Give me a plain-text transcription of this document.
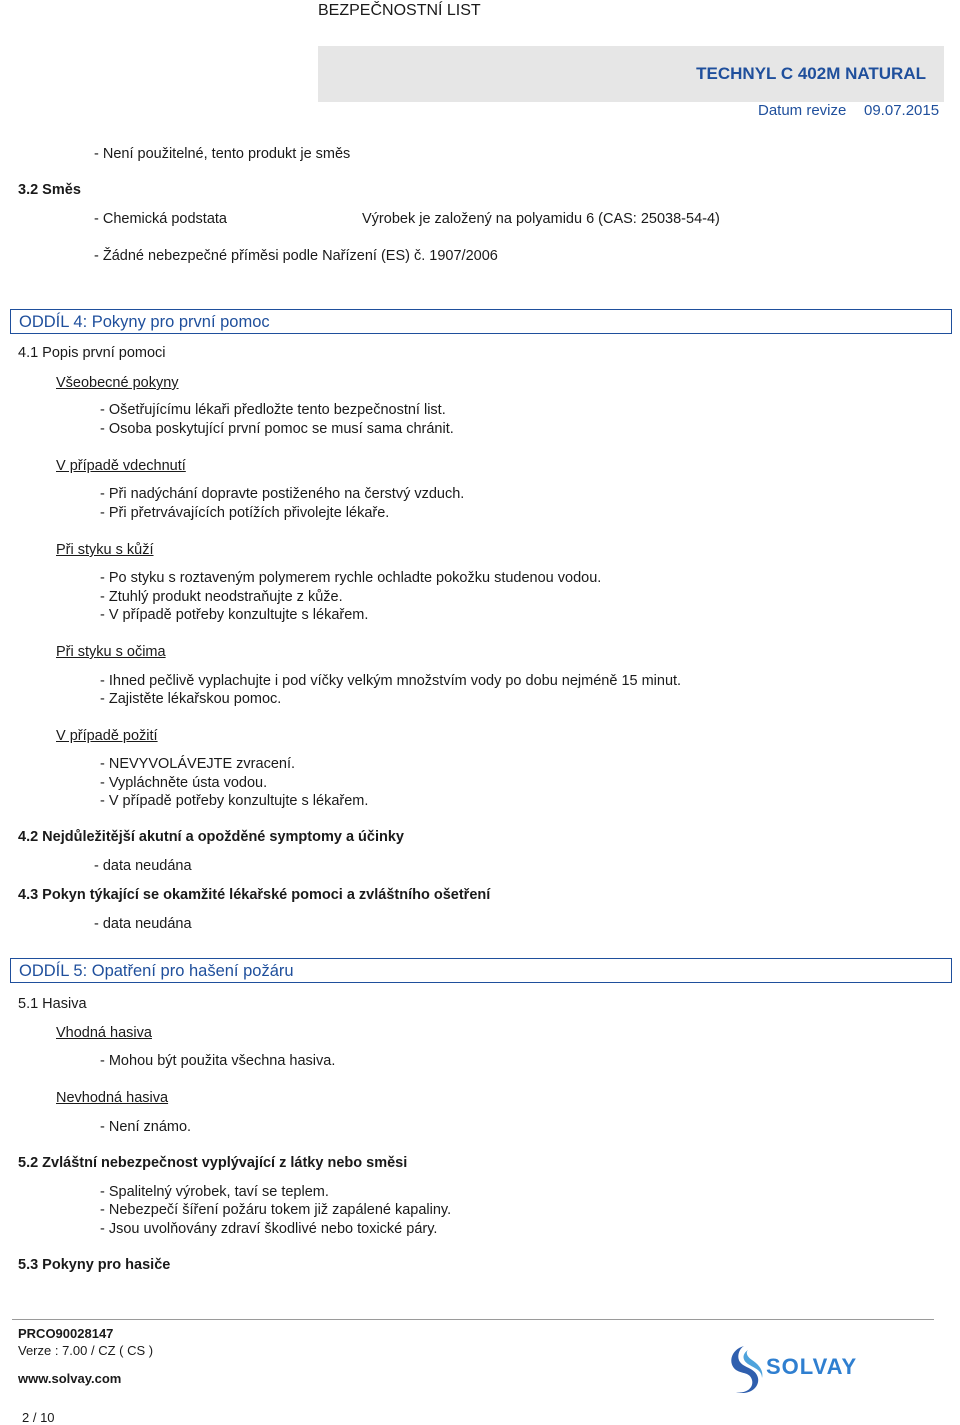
BEZPEČNOSTNÍ LIST
TECHNYL C 402M NATURAL
Datum revize 09.07.2015
- Není použitelné, tento produkt je směs
3.2 Směs
- Chemická podstata	Výrobek je založený na polyamidu 6 (CAS: 25038-54-4)
- Žádné nebezpečné příměsi podle Nařízení (ES) č. 1907/2006
ODDÍL 4: Pokyny pro první pomoc
4.1 Popis první pomoci
Všeobecné pokyny
- Ošetřujícímu lékaři předložte tento bezpečnostní list.
- Osoba poskytující první pomoc se musí sama chránit.
V případě vdechnutí
- Při nadýchání dopravte postiženého na čerstvý vzduch.
- Při přetrvávajících potížích přivolejte lékaře.
Při styku s kůží
- Po styku s roztaveným polymerem rychle ochladte pokožku studenou vodou.
- Ztuhlý produkt neodstraňujte z kůže.
- V případě potřeby konzultujte s lékařem.
Při styku s očima
- Ihned pečlivě vyplachujte i pod víčky velkým množstvím vody po dobu nejméně 15 minut.
- Zajistěte lékařskou pomoc.
V případě požití
- NEVYVOLÁVEJTE zvracení.
- Vypláchněte ústa vodou.
- V případě potřeby konzultujte s lékařem.
4.2 Nejdůležitější akutní a opožděné symptomy a účinky
- data neudána
4.3 Pokyn týkající se okamžité lékařské pomoci a zvláštního ošetření
- data neudána
ODDÍL 5: Opatření pro hašení požáru
5.1 Hasiva
Vhodná hasiva
- Mohou být použita všechna hasiva.
Nevhodná hasiva
- Není známo.
5.2 Zvláštní nebezpečnost vyplývající z látky nebo směsi
- Spalitelný výrobek, taví se teplem.
- Nebezpečí šíření požáru tokem již zapálené kapaliny.
- Jsou uvolňovány zdraví škodlivé nebo toxické páry.
5.3 Pokyny pro hasiče
PRCO90028147
Verze : 7.00 / CZ ( CS )
www.solvay.com
2 / 10
SOLVAY
